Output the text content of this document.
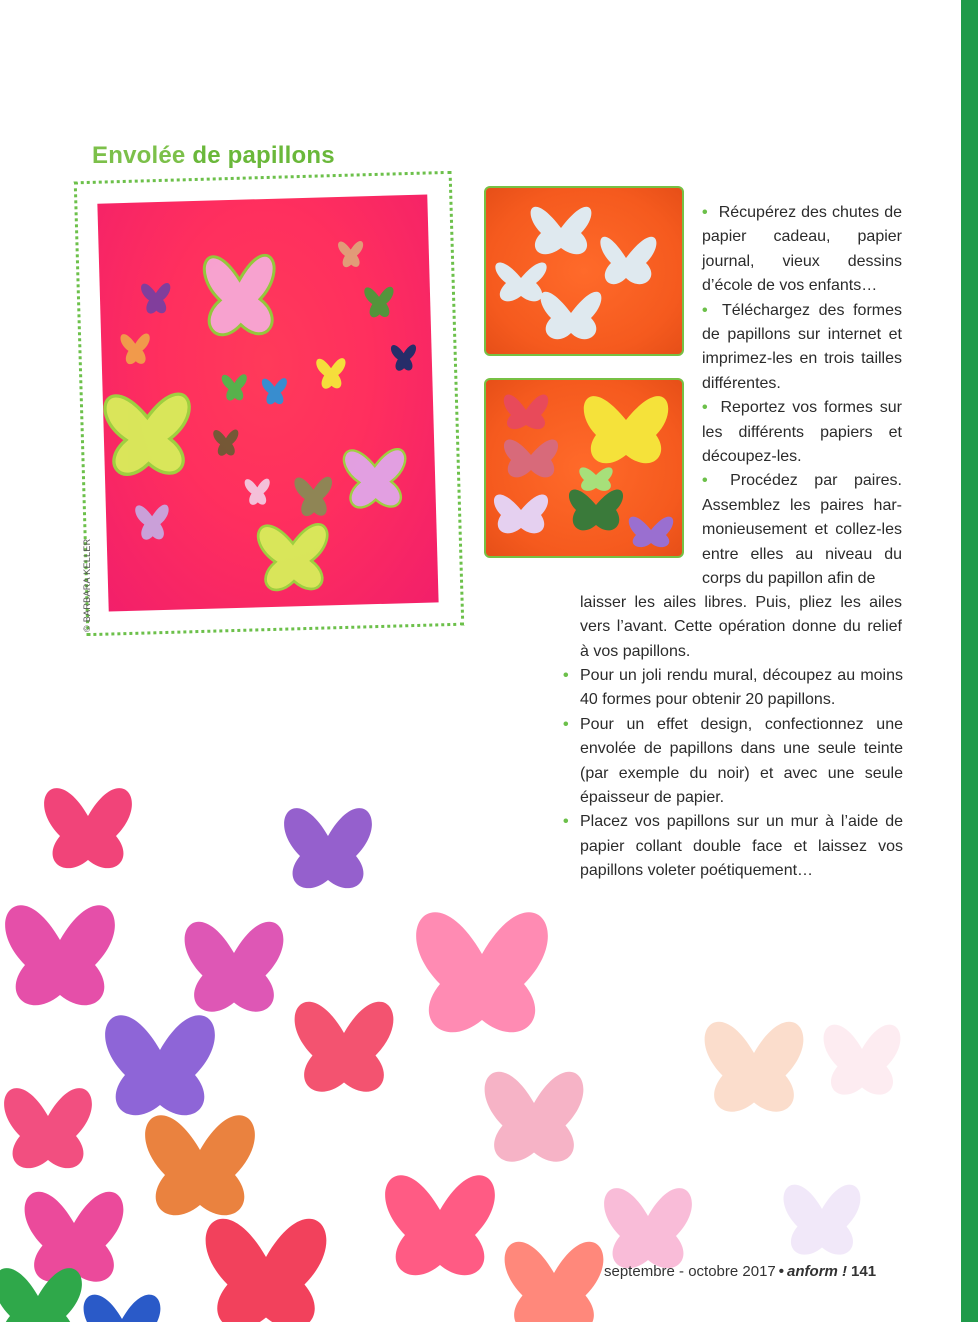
Envolée de papillons
© BARBARA KELLER
• Récupérez des chutes de papier cadeau, papier journal, vieux dessins d’école de vos enfants…
• Téléchargez des formes de papillons sur internet et imprimez-les en trois tailles différentes.
• Reportez vos formes sur les différents papiers et découpez-les.
• Procédez par paires. Assemblez les paires harmonieusement et collez-les entre elles au niveau du corps du papillon afin de
laisser les ailes libres. Puis, pliez les ailes vers l’avant. Cette opération donne du relief à vos papillons.
• Pour un joli rendu mural, découpez au moins 40 formes pour obtenir 20 papillons.
• Pour un effet design, confectionnez une envolée de papillons dans une seule teinte (par exemple du noir) et avec une seule épaisseur de papier.
• Placez vos papillons sur un mur à l’aide de papier collant double face et laissez vos papillons voleter poétiquement…
septembre - octobre 2017 • anform ! 141
